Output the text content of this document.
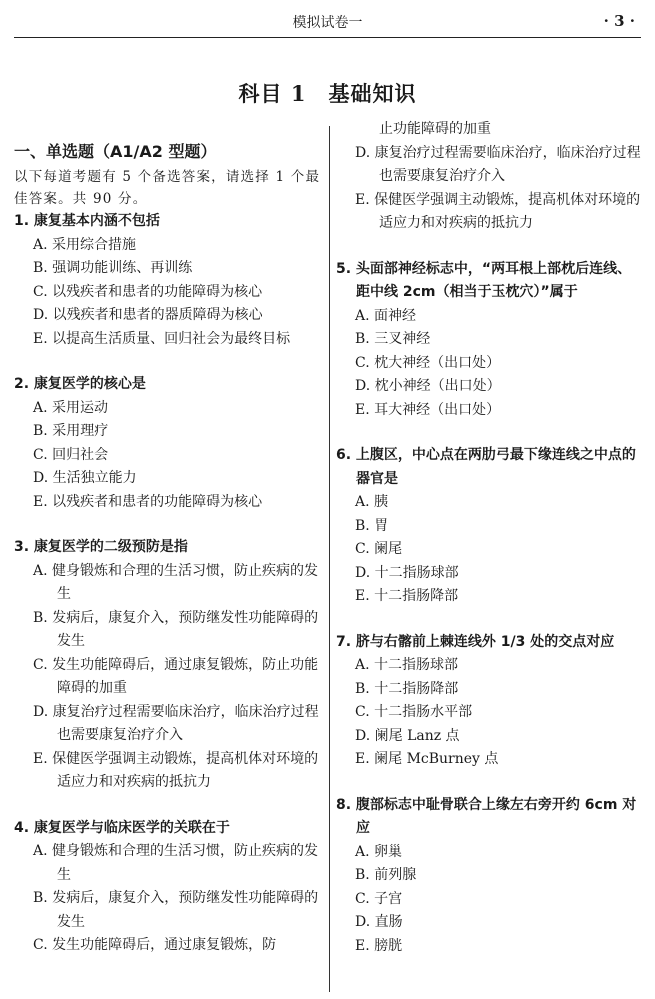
模拟试卷一	· 3 ·
科目 1　基础知识
一、单选题（A1/A2 型题）
以下每道考题有 5 个备选答案，请选择 1 个最佳答案。共 90 分。
1. 康复基本内涵不包括
A. 采用综合措施
B. 强调功能训练、再训练
C. 以残疾者和患者的功能障碍为核心
D. 以残疾者和患者的器质障碍为核心
E. 以提高生活质量、回归社会为最终目标
2. 康复医学的核心是
A. 采用运动
B. 采用理疗
C. 回归社会
D. 生活独立能力
E. 以残疾者和患者的功能障碍为核心
3. 康复医学的二级预防是指
A. 健身锻炼和合理的生活习惯，防止疾病的发生
B. 发病后，康复介入，预防继发性功能障碍的发生
C. 发生功能障碍后，通过康复锻炼，防止功能障碍的加重
D. 康复治疗过程需要临床治疗，临床治疗过程也需要康复治疗介入
E. 保健医学强调主动锻炼，提高机体对环境的适应力和对疾病的抵抗力
4. 康复医学与临床医学的关联在于
A. 健身锻炼和合理的生活习惯，防止疾病的发生
B. 发病后，康复介入，预防继发性功能障碍的发生
C. 发生功能障碍后，通过康复锻炼，防
止功能障碍的加重
D. 康复治疗过程需要临床治疗，临床治疗过程也需要康复治疗介入
E. 保健医学强调主动锻炼，提高机体对环境的适应力和对疾病的抵抗力
5. 头面部神经标志中，“两耳根上部枕后连线、距中线 2cm（相当于玉枕穴）”属于
A. 面神经
B. 三叉神经
C. 枕大神经（出口处）
D. 枕小神经（出口处）
E. 耳大神经（出口处）
6. 上腹区，中心点在两肋弓最下缘连线之中点的器官是
A. 胰
B. 胃
C. 阑尾
D. 十二指肠球部
E. 十二指肠降部
7. 脐与右髂前上棘连线外 1/3 处的交点对应
A. 十二指肠球部
B. 十二指肠降部
C. 十二指肠水平部
D. 阑尾 Lanz 点
E. 阑尾 McBurney 点
8. 腹部标志中耻骨联合上缘左右旁开约 6cm 对应
A. 卵巢
B. 前列腺
C. 子宫
D. 直肠
E. 膀胱
